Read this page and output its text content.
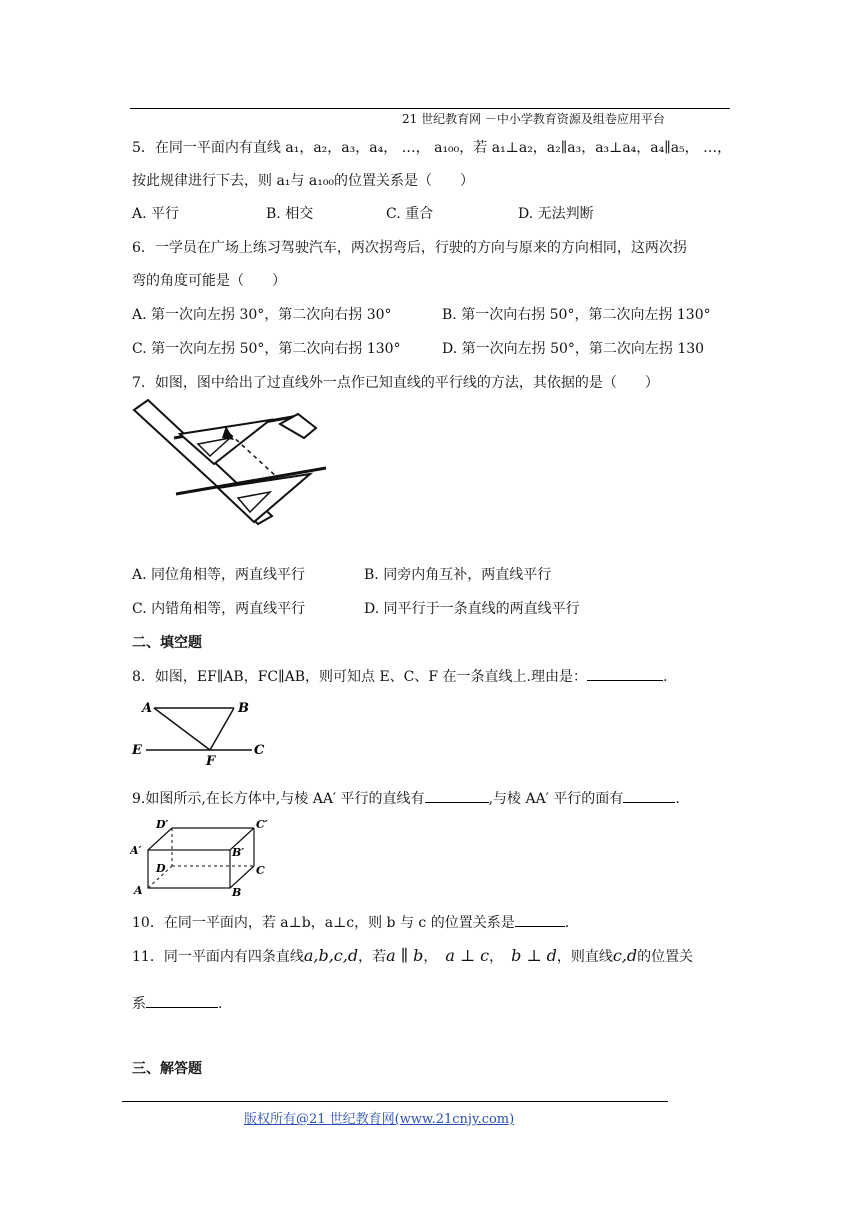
21 世纪教育网 －中小学教育资源及组卷应用平台
5．在同一平面内有直线 a₁，a₂，a₃，a₄， …， a₁₀₀，若 a₁⊥a₂，a₂∥a₃，a₃⊥a₄，a₄∥a₅， …，
按此规律进行下去，则 a₁与 a₁₀₀的位置关系是（　　）
A. 平行	B. 相交	C. 重合	D. 无法判断
6．一学员在广场上练习驾驶汽车，两次拐弯后，行驶的方向与原来的方向相同，这两次拐
弯的角度可能是（　　）
A. 第一次向左拐 30°，第二次向右拐 30°	B. 第一次向右拐 50°，第二次向左拐 130°
C. 第一次向左拐 50°，第二次向右拐 130°	D. 第一次向左拐 50°，第二次向左拐 130
7．如图，图中给出了过直线外一点作已知直线的平行线的方法，其依据的是（　　）
A. 同位角相等，两直线平行	B. 同旁内角互补，两直线平行
C. 内错角相等，两直线平行	D. 同平行于一条直线的两直线平行
二、填空题
8．如图，EF∥AB，FC∥AB，则可知点 E、C、F 在一条直线上.理由是：	.
A	B
E
F
C
9.如图所示,在长方体中,与棱 AA′ 平行的直线有	,与棱 AA′ 平行的面有	.
D′	C′
A′	B′
D	C
A	B
10．在同一平面内，若 a⊥b，a⊥c，则 b 与 c 的位置关系是	.
11．同一平面内有四条直线a,b,c,d，若a ∥ b， a ⊥ c， b ⊥ d，则直线c,d的位置关
系	.
三、解答题
版权所有@21 世纪教育网(www.21cnjy.com)
